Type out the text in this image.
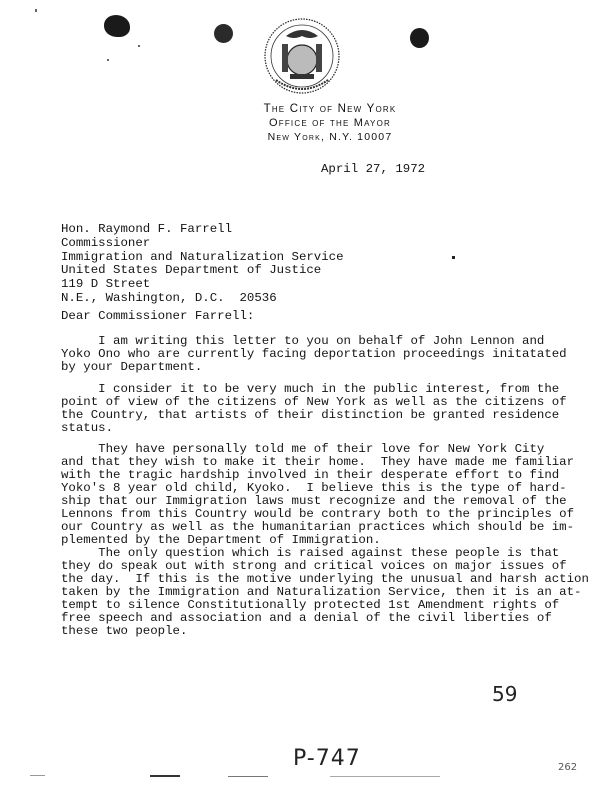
The City of New York
Office of the Mayor
New York, N.Y. 10007
April 27, 1972
Hon. Raymond F. Farrell
Commissioner
Immigration and Naturalization Service
United States Department of Justice
119 D Street
N.E., Washington, D.C.  20536
Dear Commissioner Farrell:
I am writing this letter to you on behalf of John Lennon and
Yoko Ono who are currently facing deportation proceedings initatated
by your Department.
I consider it to be very much in the public interest, from the
point of view of the citizens of New York as well as the citizens of
the Country, that artists of their distinction be granted residence
status.
They have personally told me of their love for New York City
and that they wish to make it their home.  They have made me familiar
with the tragic hardship involved in their desperate effort to find
Yoko's 8 year old child, Kyoko.  I believe this is the type of hard-
ship that our Immigration laws must recognize and the removal of the
Lennons from this Country would be contrary both to the principles of
our Country as well as the humanitarian practices which should be im-
plemented by the Department of Immigration.
The only question which is raised against these people is that
they do speak out with strong and critical voices on major issues of
the day.  If this is the motive underlying the unusual and harsh action
taken by the Immigration and Naturalization Service, then it is an at-
tempt to silence Constitutionally protected 1st Amendment rights of
free speech and association and a denial of the civil liberties of
these two people.
59
P-747	262
